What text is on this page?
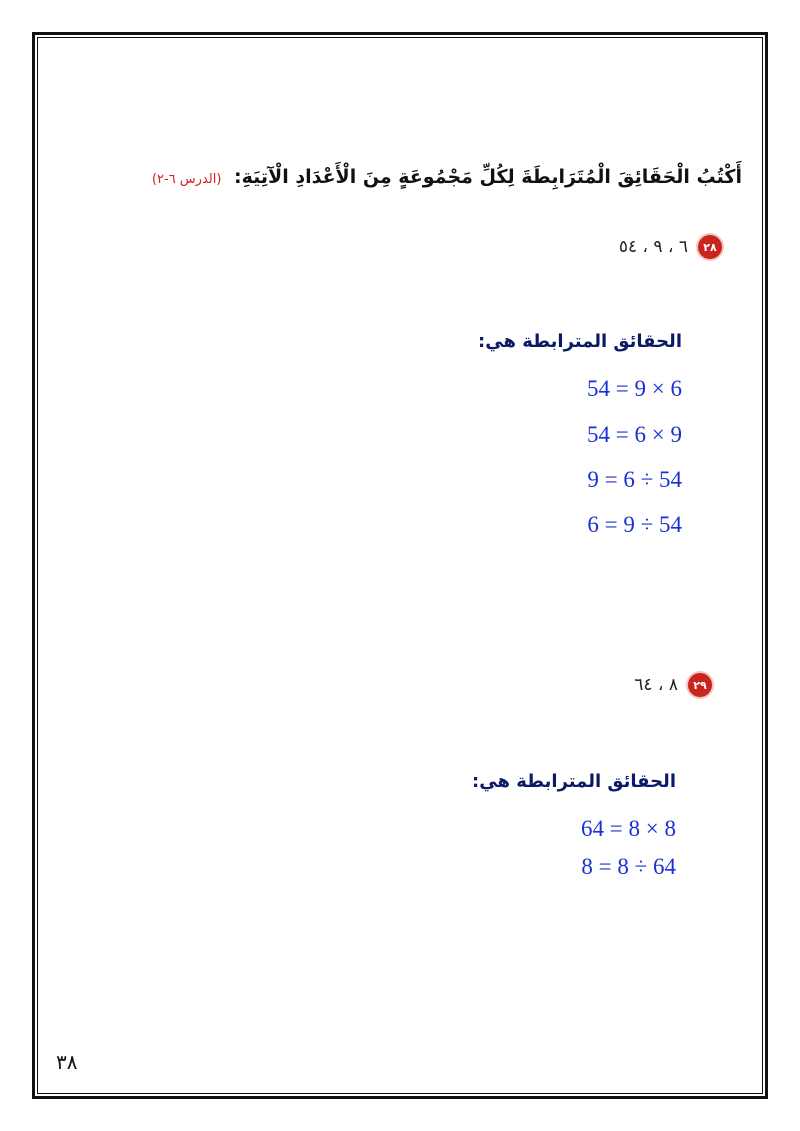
أَكْتُبُ الْحَقَائِقَ الْمُتَرَابِطَةَ لِكُلِّ مَجْمُوعَةٍ مِنَ الْأَعْدَادِ الْآتِيَةِ: (الدرس ٦-٢)
٢٨
٦ ، ٩ ، ٥٤
الحقائق المترابطة هي:
54 = 9 × 6
54 = 6 × 9
9 = 6 ÷ 54
6 = 9 ÷ 54
٢٩
٨ ، ٦٤
الحقائق المترابطة هي:
64 = 8 × 8
8 = 8 ÷ 64
٣٨
